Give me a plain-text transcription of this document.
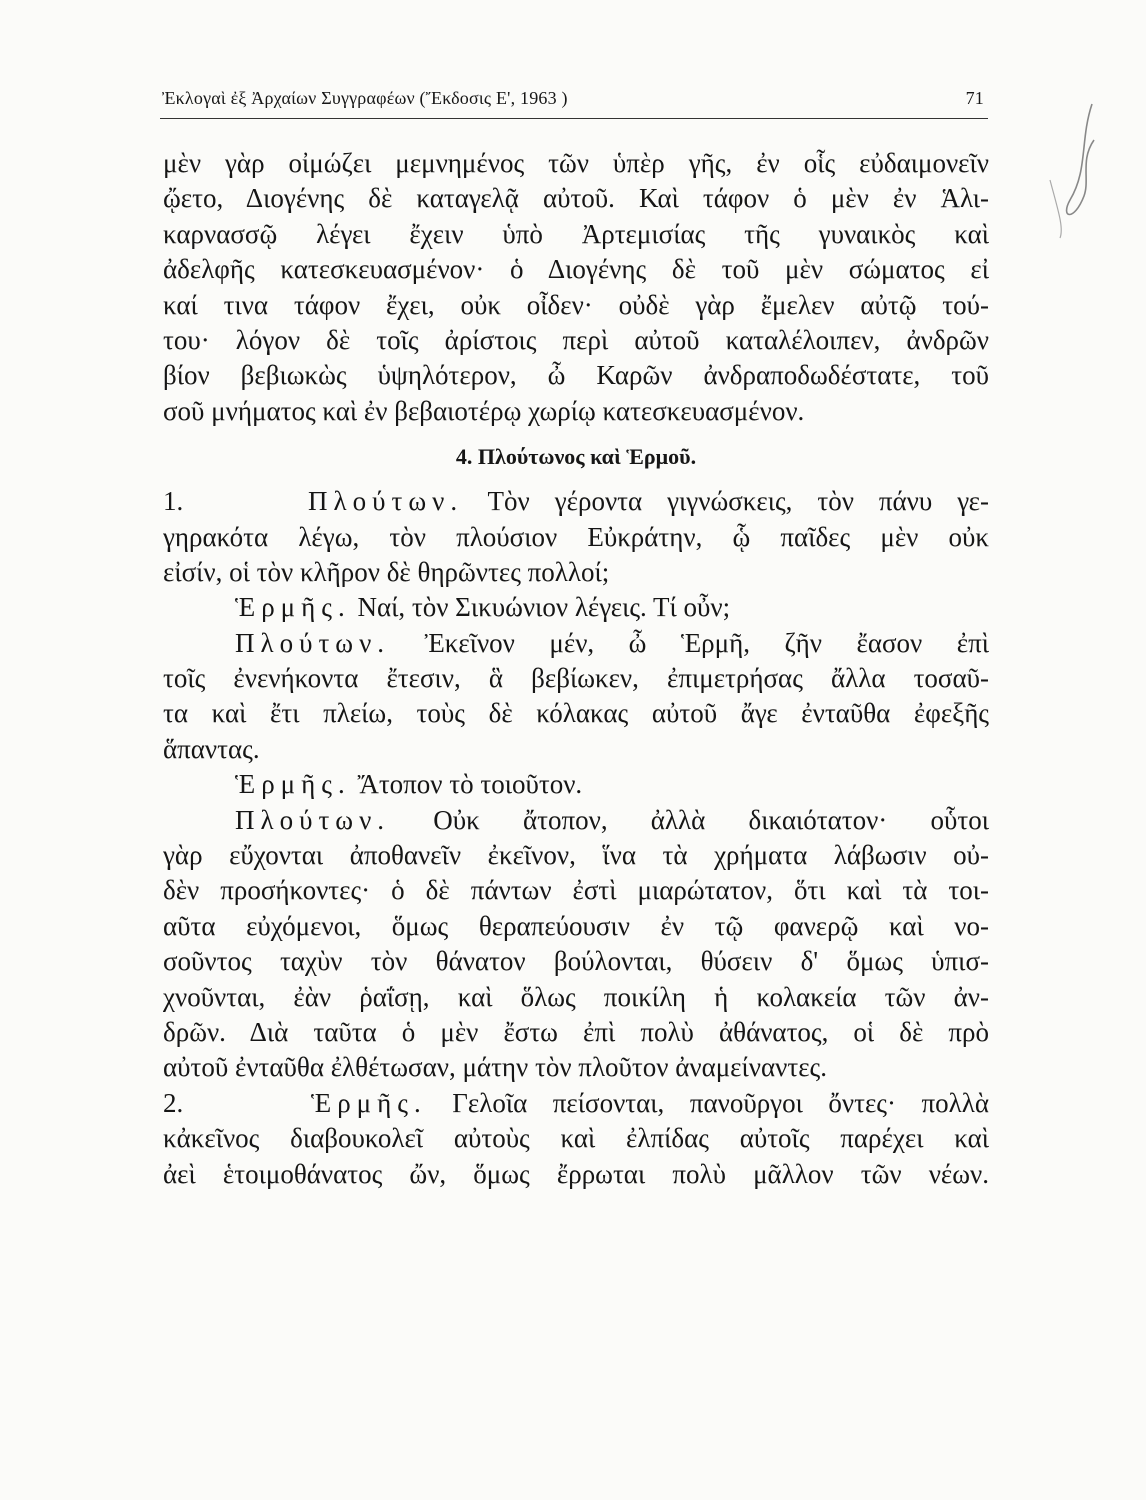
Ἐκλογαὶ ἐξ Ἀρχαίων Συγγραφέων (Ἔκδοσις Ε', 1963 )	71
μὲν γὰρ οἰμώζει μεμνημένος τῶν ὑπὲρ γῆς, ἐν οἷς εὐδαιμονεῖν
ᾤετο, Διογένης δὲ καταγελᾷ αὐτοῦ. Καὶ τάφον ὁ μὲν ἐν Ἁλι-
καρνασσῷ λέγει ἔχειν ὑπὸ Ἀρτεμισίας τῆς γυναικὸς καὶ
ἀδελφῆς κατεσκευασμένον· ὁ Διογένης δὲ τοῦ μὲν σώματος εἰ
καί τινα τάφον ἔχει, οὐκ οἶδεν· οὐδὲ γὰρ ἔμελεν αὐτῷ τού-
του· λόγον δὲ τοῖς ἀρίστοις περὶ αὐτοῦ καταλέλοιπεν, ἀνδρῶν
βίον βεβιωκὼς ὑψηλότερον, ὦ Καρῶν ἀνδραποδωδέστατε, τοῦ
σοῦ μνήματος καὶ ἐν βεβαιοτέρῳ χωρίῳ κατεσκευασμένον.
4. Πλούτωνος καὶ Ἑρμοῦ.
1.	Πλούτων. Τὸν γέροντα γιγνώσκεις, τὸν πάνυ γε-
γηρακότα λέγω, τὸν πλούσιον Εὐκράτην, ᾧ παῖδες μὲν οὐκ
εἰσίν, οἱ τὸν κλῆρον δὲ θηρῶντες πολλοί;
Ἑρμῆς. Ναί, τὸν Σικυώνιον λέγεις. Τί οὖν;
Πλούτων. Ἐκεῖνον μέν, ὦ Ἑρμῆ, ζῆν ἔασον ἐπὶ
τοῖς ἐνενήκοντα ἔτεσιν, ἃ βεβίωκεν, ἐπιμετρήσας ἄλλα τοσαῦ-
τα καὶ ἔτι πλείω, τοὺς δὲ κόλακας αὐτοῦ ἄγε ἐνταῦθα ἐφεξῆς
ἅπαντας.
Ἑρμῆς. Ἄτοπον τὸ τοιοῦτον.
Πλούτων. Οὐκ ἄτοπον, ἀλλὰ δικαιότατον· οὗτοι
γὰρ εὔχονται ἀποθανεῖν ἐκεῖνον, ἵνα τὰ χρήματα λάβωσιν οὐ-
δὲν προσήκοντες· ὁ δὲ πάντων ἐστὶ μιαρώτατον, ὅτι καὶ τὰ τοι-
αῦτα εὐχόμενοι, ὅμως θεραπεύουσιν ἐν τῷ φανερῷ καὶ νο-
σοῦντος ταχὺν τὸν θάνατον βούλονται, θύσειν δ' ὅμως ὑπισ-
χνοῦνται, ἐὰν ῥαΐσῃ, καὶ ὅλως ποικίλη ἡ κολακεία τῶν ἀν-
δρῶν. Διὰ ταῦτα ὁ μὲν ἔστω ἐπὶ πολὺ ἀθάνατος, οἱ δὲ πρὸ
αὐτοῦ ἐνταῦθα ἐλθέτωσαν, μάτην τὸν πλοῦτον ἀναμείναντες.
2.	Ἑρμῆς. Γελοῖα πείσονται, πανοῦργοι ὄντες· πολλὰ
κἀκεῖνος διαβουκολεῖ αὐτοὺς καὶ ἐλπίδας αὐτοῖς παρέχει καὶ
ἀεὶ ἑτοιμοθάνατος ὤν, ὅμως ἔρρωται πολὺ μᾶλλον τῶν νέων.
